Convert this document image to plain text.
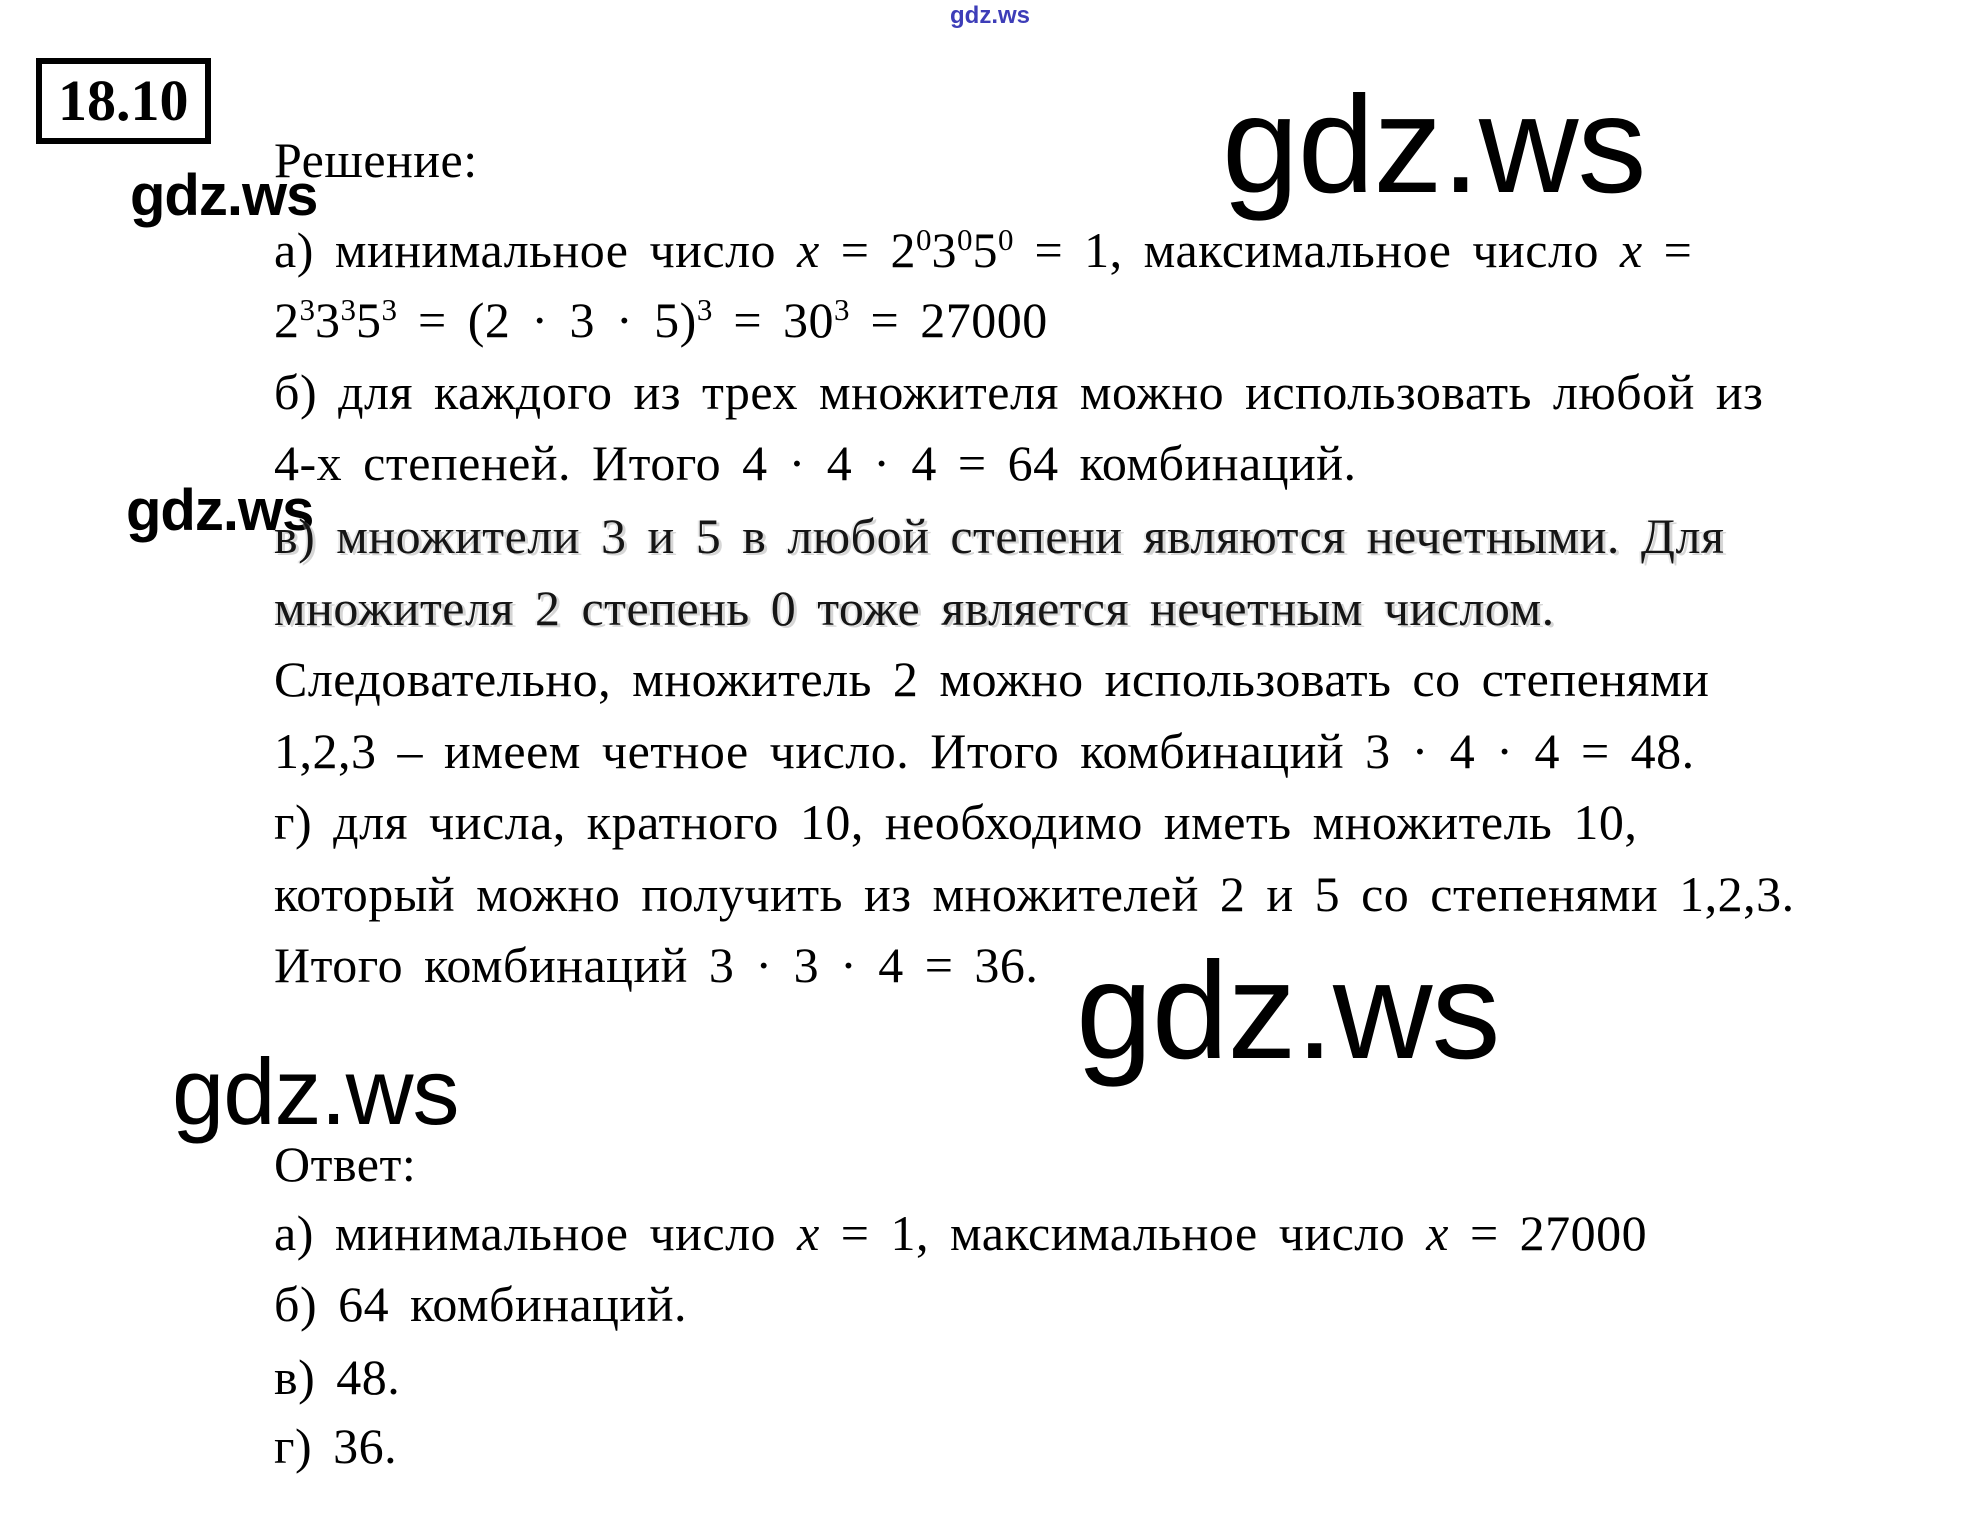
gdz.ws
gdz.ws
gdz.ws
gdz.ws
gdz.ws
gdz.ws
18.10
Решение:
а) минимальное число $x = 2^03^05^0 = 1$, максимальное число x =
$2^33^35^3 = (2 \cdot 3 \cdot 5)^3 = 30^3 = 27000$
б) для каждого из трех множителя можно использовать любой из
4-х степеней. Итого 4 · 4 · 4 = 64 комбинаций.
в) множители 3 и 5 в любой степени являются нечетными. Для
множителя 2 степень 0 тоже является нечетным числом.
Следовательно, множитель 2 можно использовать со степенями
1,2,3 – имеем четное число. Итого комбинаций 3 · 4 · 4 = 48.
г) для числа, кратного 10, необходимо иметь множитель 10,
который можно получить из множителей 2 и 5 со степенями 1,2,3.
Итого комбинаций 3 · 3 · 4 = 36.
Ответ:
а) минимальное число x = 1, максимальное число x = 27000
б) 64 комбинаций.
в) 48.
г) 36.
